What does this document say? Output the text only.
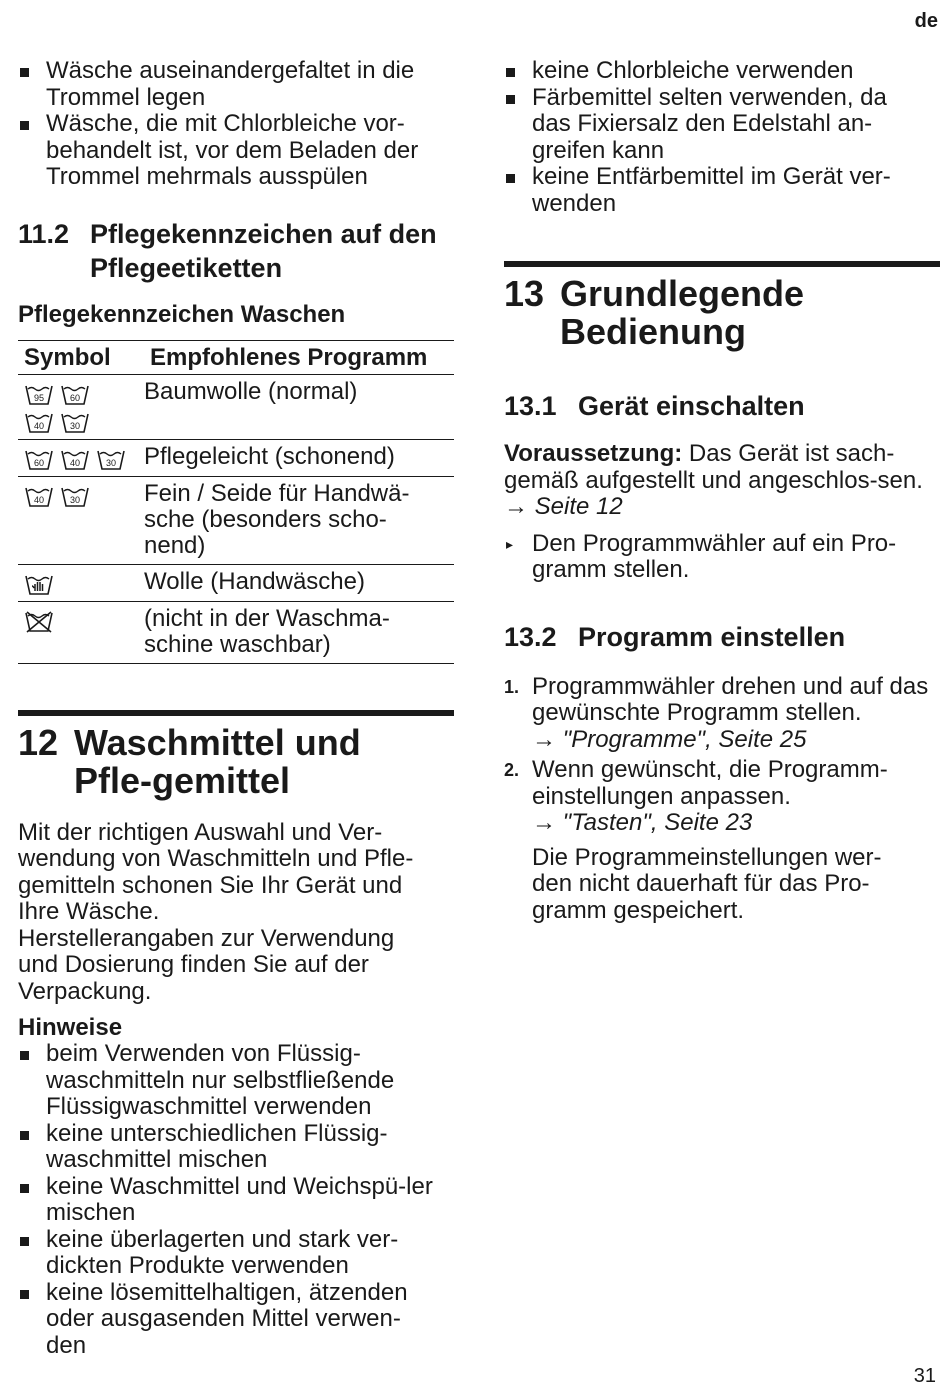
de
Wäsche auseinandergefaltet in die Trommel legen
Wäsche, die mit Chlorbleiche vor-behandelt ist, vor dem Beladen der Trommel mehrmals ausspülen
11.2 Pflegekennzeichen auf den Pflegeetiketten
Pflegekennzeichen Waschen
Symbol	Empfohlenes Programm

95 60
40 30	Baumwolle (normal)

60 40 30	Pflegeleicht (schonend)

40 30	Fein / Seide für Handwä-sche (besonders scho-nend)

	Wolle (Handwäsche)

	(nicht in der Waschma-schine waschbar)
12 Waschmittel und Pfle-gemittel

Mit der richtigen Auswahl und Ver-wendung von Waschmitteln und Pfle-gemitteln schonen Sie Ihr Gerät und Ihre Wäsche.

Herstellerangaben zur Verwendung und Dosierung finden Sie auf der Verpackung.

Hinweise
beim Verwenden von Flüssig-waschmitteln nur selbstfließende Flüssigwaschmittel verwenden
keine unterschiedlichen Flüssig-waschmittel mischen
keine Waschmittel und Weichspü-ler mischen
keine überlagerten und stark ver-dickten Produkte verwenden
keine lösemittelhaltigen, ätzenden oder ausgasenden Mittel verwen-den
keine Chlorbleiche verwenden
Färbemittel selten verwenden, da das Fixiersalz den Edelstahl an-greifen kann
keine Entfärbemittel im Gerät ver-wenden
13 Grundlegende Bedienung
13.1 Gerät einschalten

Voraussetzung: Das Gerät ist sach-gemäß aufgestellt und angeschlos-sen. → Seite 12

▸ Den Programmwähler auf ein Pro-gramm stellen.
13.2 Programm einstellen
1. Programmwähler drehen und auf das gewünschte Programm stellen.
→ "Programme", Seite 25
2. Wenn gewünscht, die Programm-einstellungen anpassen.
→ "Tasten", Seite 23

Die Programmeinstellungen wer-den nicht dauerhaft für das Pro-gramm gespeichert.

31
